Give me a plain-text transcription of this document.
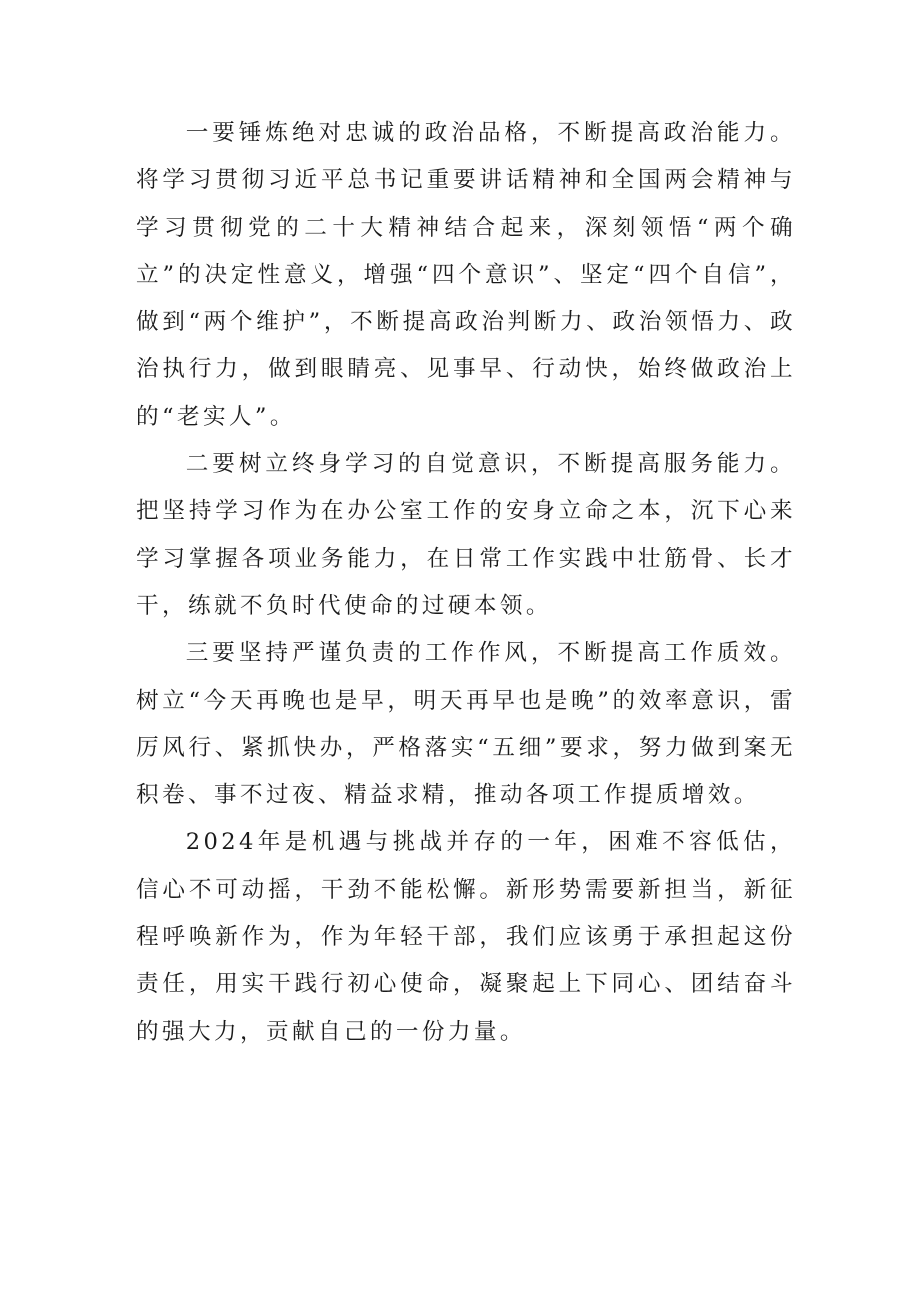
一要锤炼绝对忠诚的政治品格，不断提高政治能力。将学习贯彻习近平总书记重要讲话精神和全国两会精神与学习贯彻党的二十大精神结合起来，深刻领悟“两个确立”的决定性意义，增强“四个意识”、坚定“四个自信”，做到“两个维护”，不断提高政治判断力、政治领悟力、政治执行力，做到眼睛亮、见事早、行动快，始终做政治上的“老实人”。

二要树立终身学习的自觉意识，不断提高服务能力。把坚持学习作为在办公室工作的安身立命之本，沉下心来学习掌握各项业务能力，在日常工作实践中壮筋骨、长才干，练就不负时代使命的过硬本领。

三要坚持严谨负责的工作作风，不断提高工作质效。树立“今天再晚也是早，明天再早也是晚”的效率意识，雷厉风行、紧抓快办，严格落实“五细”要求，努力做到案无积卷、事不过夜、精益求精，推动各项工作提质增效。

2024年是机遇与挑战并存的一年，困难不容低估，信心不可动摇，干劲不能松懈。新形势需要新担当，新征程呼唤新作为，作为年轻干部，我们应该勇于承担起这份责任，用实干践行初心使命，凝聚起上下同心、团结奋斗的强大力，贡献自己的一份力量。
